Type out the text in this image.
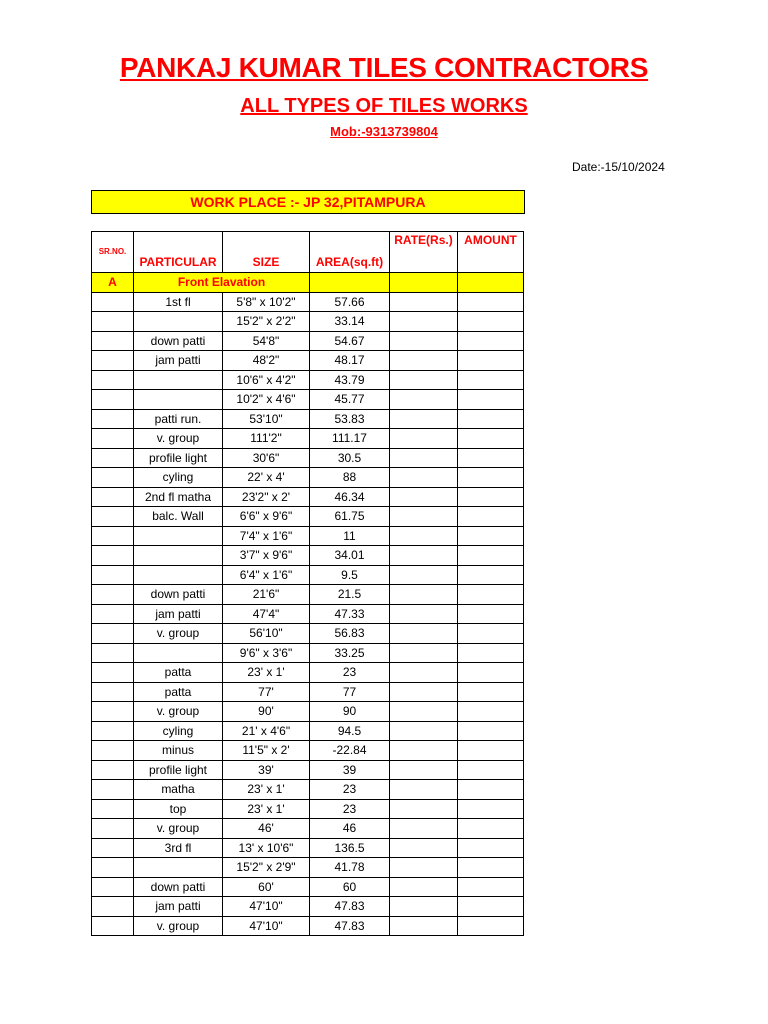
PANKAJ KUMAR TILES CONTRACTORS
ALL TYPES OF TILES WORKS
Mob:-9313739804
Date:-15/10/2024
WORK PLACE :- JP 32,PITAMPURA
SR.NO.	PARTICULAR	SIZE	AREA(sq.ft)	RATE(Rs.)	AMOUNT
A	Front Elavation				
	1st fl	5'8" x 10'2"	57.66		
		15'2" x 2'2"	33.14		
	down patti	54'8"	54.67		
	jam patti	48'2"	48.17		
		10'6" x 4'2"	43.79		
		10'2" x 4'6"	45.77		
	patti run.	53'10"	53.83		
	v. group	111'2"	111.17		
	profile light	30'6"	30.5		
	cyling	22' x 4'	88		
	2nd fl matha	23'2" x 2'	46.34		
	balc. Wall	6'6" x 9'6"	61.75		
		7'4" x 1'6"	11		
		3'7" x 9'6"	34.01		
		6'4" x 1'6"	9.5		
	down patti	21'6"	21.5		
	jam patti	47'4"	47.33		
	v. group	56'10"	56.83		
		9'6" x 3'6"	33.25		
	patta	23' x 1'	23		
	patta	77'	77		
	v. group	90'	90		
	cyling	21' x 4'6"	94.5		
	minus	11'5" x 2'	-22.84		
	profile light	39'	39		
	matha	23' x 1'	23		
	top	23' x 1'	23		
	v. group	46'	46		
	3rd fl	13' x 10'6"	136.5		
		15'2" x 2'9"	41.78		
	down patti	60'	60		
	jam patti	47'10"	47.83		
	v. group	47'10"	47.83		
